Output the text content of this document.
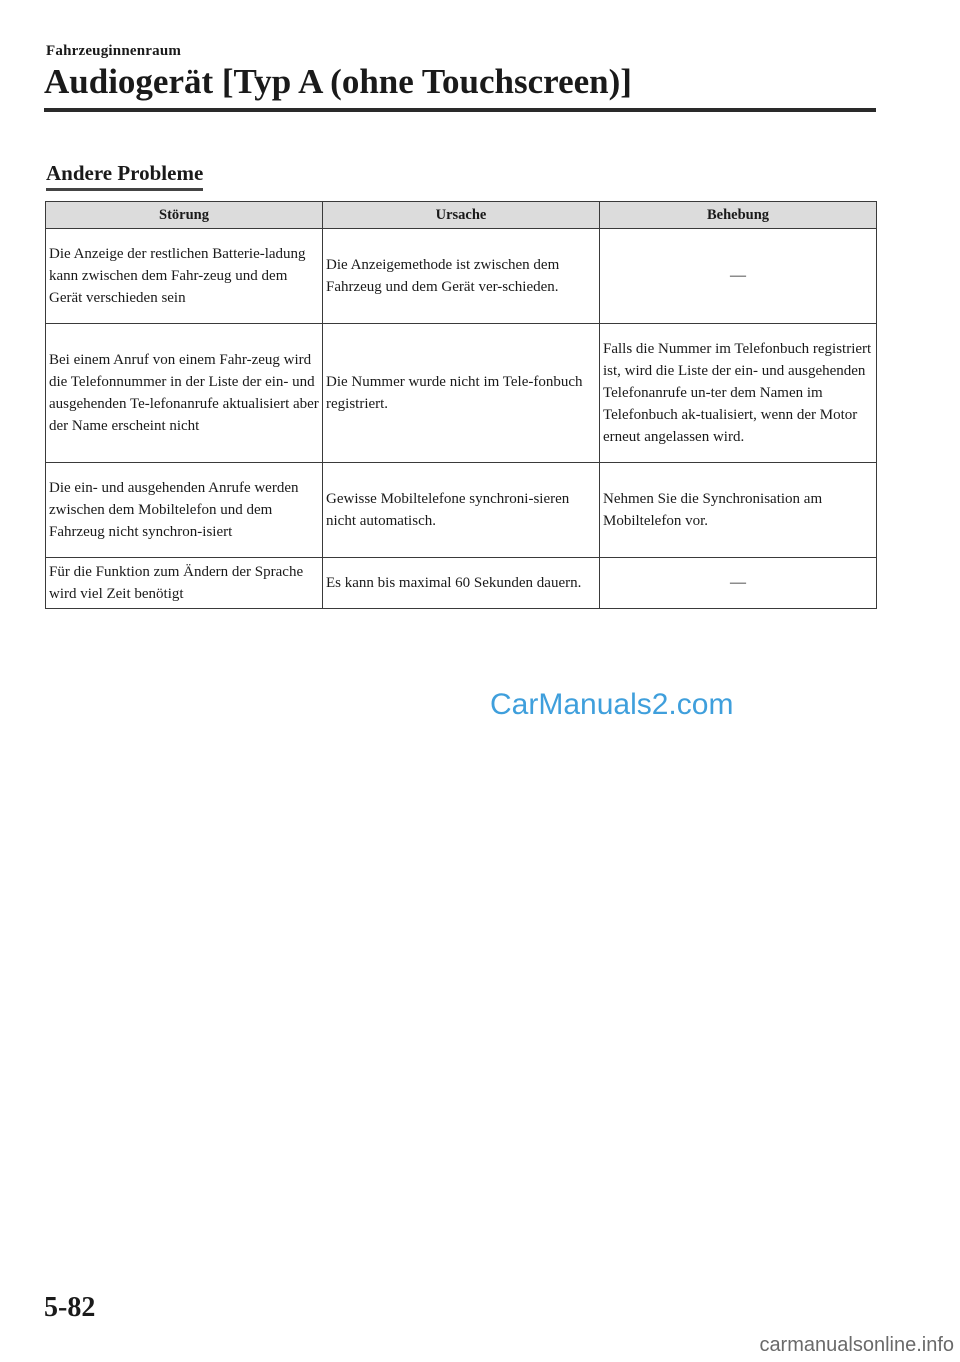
Fahrzeuginnenraum
Audiogerät [Typ A (ohne Touchscreen)]
Andere Probleme
Störung	Ursache	Behebung
Die Anzeige der restlichen Batterie-ladung kann zwischen dem Fahr-zeug und dem Gerät verschieden sein	Die Anzeigemethode ist zwischen dem Fahrzeug und dem Gerät ver-schieden.	—
Bei einem Anruf von einem Fahr-zeug wird die Telefonnummer in der Liste der ein- und ausgehenden Te-lefonanrufe aktualisiert aber der Name erscheint nicht	Die Nummer wurde nicht im Tele-fonbuch registriert.	Falls die Nummer im Telefonbuch registriert ist, wird die Liste der ein- und ausgehenden Telefonanrufe un-ter dem Namen im Telefonbuch ak-tualisiert, wenn der Motor erneut angelassen wird.
Die ein- und ausgehenden Anrufe werden zwischen dem Mobiltelefon und dem Fahrzeug nicht synchron-isiert	Gewisse Mobiltelefone synchroni-sieren nicht automatisch.	Nehmen Sie die Synchronisation am Mobiltelefon vor.
Für die Funktion zum Ändern der Sprache wird viel Zeit benötigt	Es kann bis maximal 60 Sekunden dauern.	—
CarManuals2.com
5-82
carmanualsonline.info
